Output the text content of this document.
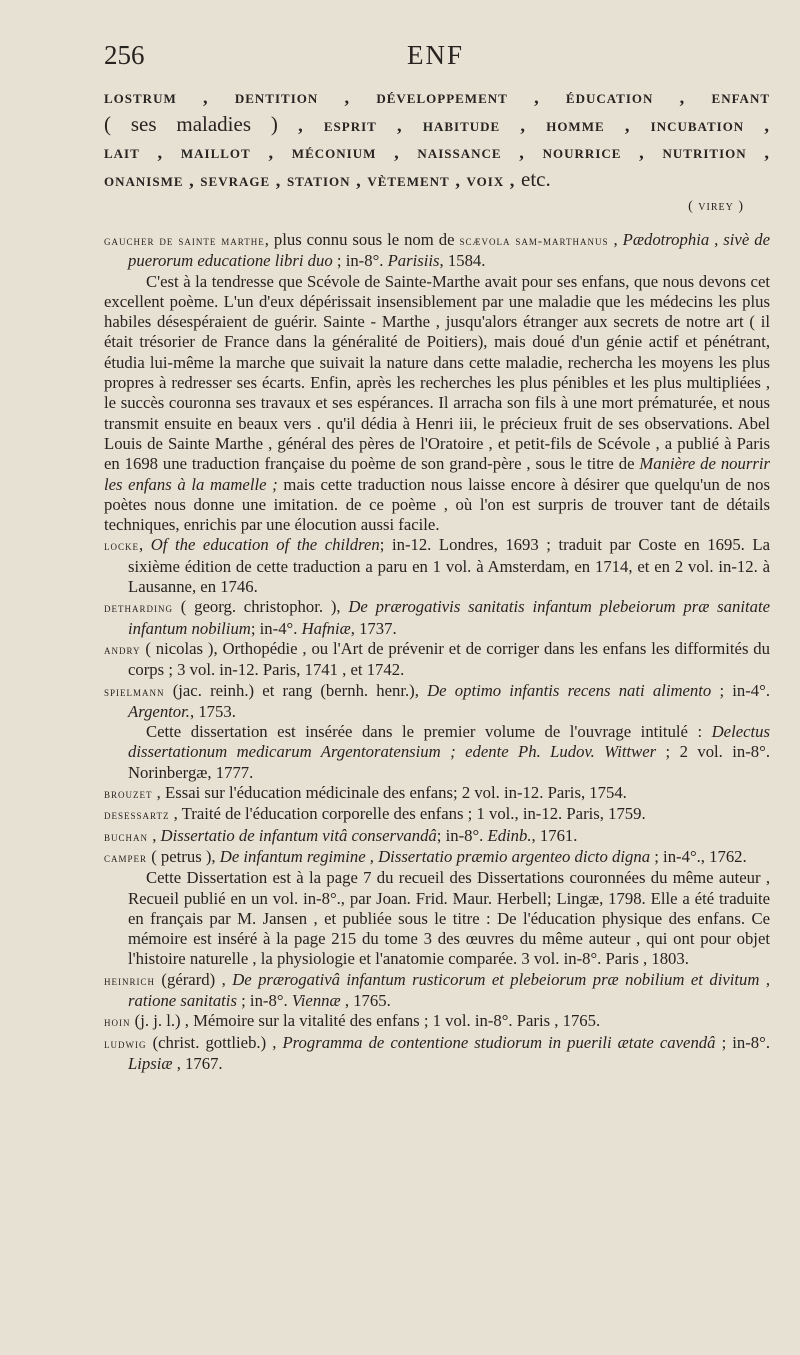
256	ENF

lostrum , dentition , développement , éducation , enfant

( ses maladies ) , esprit , habitude , homme , incubation ,

lait , maillot , méconium , naissance , nourrice , nutrition ,

onanisme , sevrage , station , vètement , voix , etc.

( virey )

gaucher de sainte marthe, plus connu sous le nom de scævola sam-marthanus , Pædotrophia , sivè de puerorum educatione libri duo ; in-8°. Parisiis, 1584.

C'est à la tendresse que Scévole de Sainte-Marthe avait pour ses enfans, que nous devons cet excellent poème. L'un d'eux dépérissait insensiblement par une maladie que les médecins les plus habiles désespéraient de guérir. Sainte - Marthe , jusqu'alors étranger aux secrets de notre art ( il était trésorier de France dans la généralité de Poitiers), mais doué d'un génie actif et pénétrant, étudia lui-même la marche que suivait la nature dans cette maladie, rechercha les moyens les plus propres à redresser ses écarts. Enfin, après les recherches les plus pénibles et les plus multipliées , le succès couronna ses travaux et ses espérances. Il arracha son fils à une mort prématurée, et nous transmit ensuite en beaux vers . qu'il dédia à Henri iii, le précieux fruit de ses observations. Abel Louis de Sainte Marthe , général des pères de l'Oratoire , et petit-fils de Scévole , a publié à Paris en 1698 une traduction française du poème de son grand-père , sous le titre de Manière de nourrir les enfans à la mamelle ; mais cette traduction nous laisse encore à désirer que quelqu'un de nos poètes nous donne une imitation. de ce poème , où l'on est surpris de trouver tant de détails techniques, enrichis par une élocution aussi facile.

locke, Of the education of the children; in-12. Londres, 1693 ; traduit par Coste en 1695. La sixième édition de cette traduction a paru en 1 vol. à Amsterdam, en 1714, et en 2 vol. in-12. à Lausanne, en 1746.

detharding ( georg. christophor. ), De prærogativis sanitatis infantum plebeiorum præ sanitate infantum nobilium; in-4°. Hafniæ, 1737.

andry ( nicolas ), Orthopédie , ou l'Art de prévenir et de corriger dans les enfans les difformités du corps ; 3 vol. in-12. Paris, 1741 , et 1742.

spielmann (jac. reinh.) et rang (bernh. henr.), De optimo infantis recens nati alimento ; in-4°. Argentor., 1753.

Cette dissertation est insérée dans le premier volume de l'ouvrage intitulé : Delectus dissertationum medicarum Argentoratensium ; edente Ph. Ludov. Wittwer ; 2 vol. in-8°. Norinbergæ, 1777.

brouzet , Essai sur l'éducation médicinale des enfans; 2 vol. in-12. Paris, 1754.

desessartz , Traité de l'éducation corporelle des enfans ; 1 vol., in-12. Paris, 1759.

buchan , Dissertatio de infantum vitâ conservandâ; in-8°. Edinb., 1761.

camper ( petrus ), De infantum regimine , Dissertatio præmio argenteo dicto digna ; in-4°., 1762.

Cette Dissertation est à la page 7 du recueil des Dissertations couronnées du même auteur , Recueil publié en un vol. in-8°., par Joan. Frid. Maur. Herbell; Lingæ, 1798. Elle a été traduite en français par M. Jansen , et publiée sous le titre : De l'éducation physique des enfans. Ce mémoire est inséré à la page 215 du tome 3 des œuvres du même auteur , qui ont pour objet l'histoire naturelle , la physiologie et l'anatomie comparée. 3 vol. in-8°. Paris , 1803.

heinrich (gérard) , De prærogativâ infantum rusticorum et plebeiorum præ nobilium et divitum , ratione sanitatis ; in-8°. Viennæ , 1765.

hoin (j. j. l.) , Mémoire sur la vitalité des enfans ; 1 vol. in-8°. Paris , 1765.

ludwig (christ. gottlieb.) , Programma de contentione studiorum in puerili ætate cavendâ ; in-8°. Lipsiæ , 1767.
